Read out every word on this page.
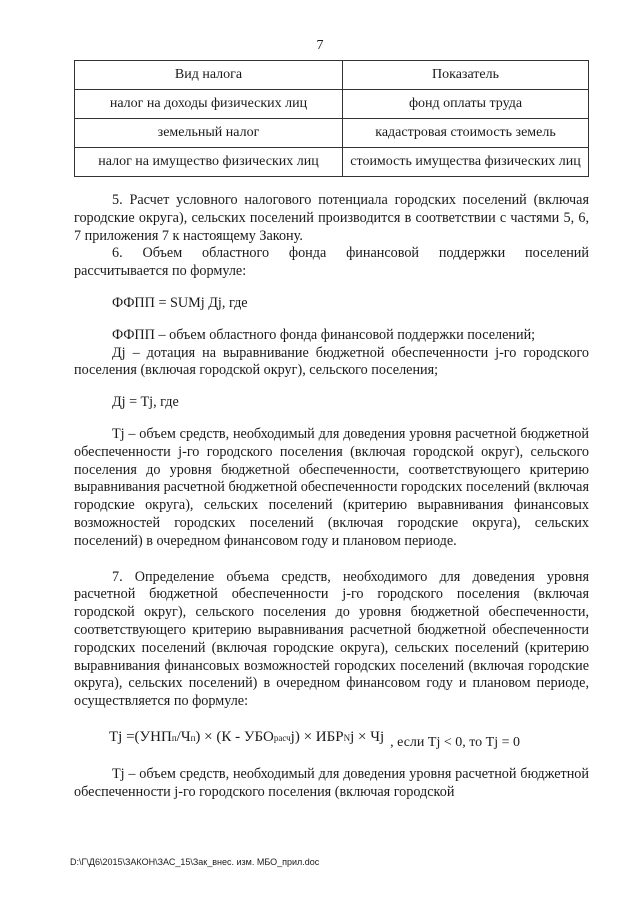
7
Вид налога	Показатель
налог на доходы физических лиц	фонд оплаты труда
земельный налог	кадастровая стоимость земель
налог на имущество физических лиц	стоимость имущества физических лиц

5. Расчет условного налогового потенциала городских поселений (включая городские округа), сельских поселений производится в соответствии с частями 5, 6, 7 приложения 7 к настоящему Закону.

6. Объем областного фонда финансовой поддержки поселений рассчитывается по формуле:

ФФПП = SUMj Дj, где

ФФПП – объем областного фонда финансовой поддержки поселений;

Дj – дотация на выравнивание бюджетной обеспеченности j-го городского поселения (включая городской округ), сельского поселения;

Дj = Tj, где

Tj – объем средств, необходимый для доведения уровня расчетной бюджетной обеспеченности j-го городского поселения (включая городской округ), сельского поселения до уровня бюджетной обеспеченности, соответствующего критерию выравнивания расчетной бюджетной обеспеченности городских поселений (включая городские округа), сельских поселений (критерию выравнивания финансовых возможностей городских поселений (включая городские округа), сельских поселений) в очередном финансовом году и плановом периоде.

7. Определение объема средств, необходимого для доведения уровня расчетной бюджетной обеспеченности j-го городского поселения (включая городской округ), сельского поселения до уровня бюджетной обеспеченности, соответствующего критерию выравнивания расчетной бюджетной обеспеченности городских поселений (включая городские округа), сельских поселений (критерию выравнивания финансовых возможностей городских поселений (включая городские округа), сельских поселений) в очередном финансовом году и плановом периоде, осуществляется по формуле:

Tj = (УНП п /Ч п ) × (К - УБО расч j) × ИБР N j × Чj , если Tj < 0, то Tj = 0

Tj – объем средств, необходимый для доведения уровня расчетной бюджетной обеспеченности j-го городского поселения (включая городской

D:\Г\Д6\2015\ЗАКОН\ЗАС_15\Зак_внес. изм. МБО_прил.doc
